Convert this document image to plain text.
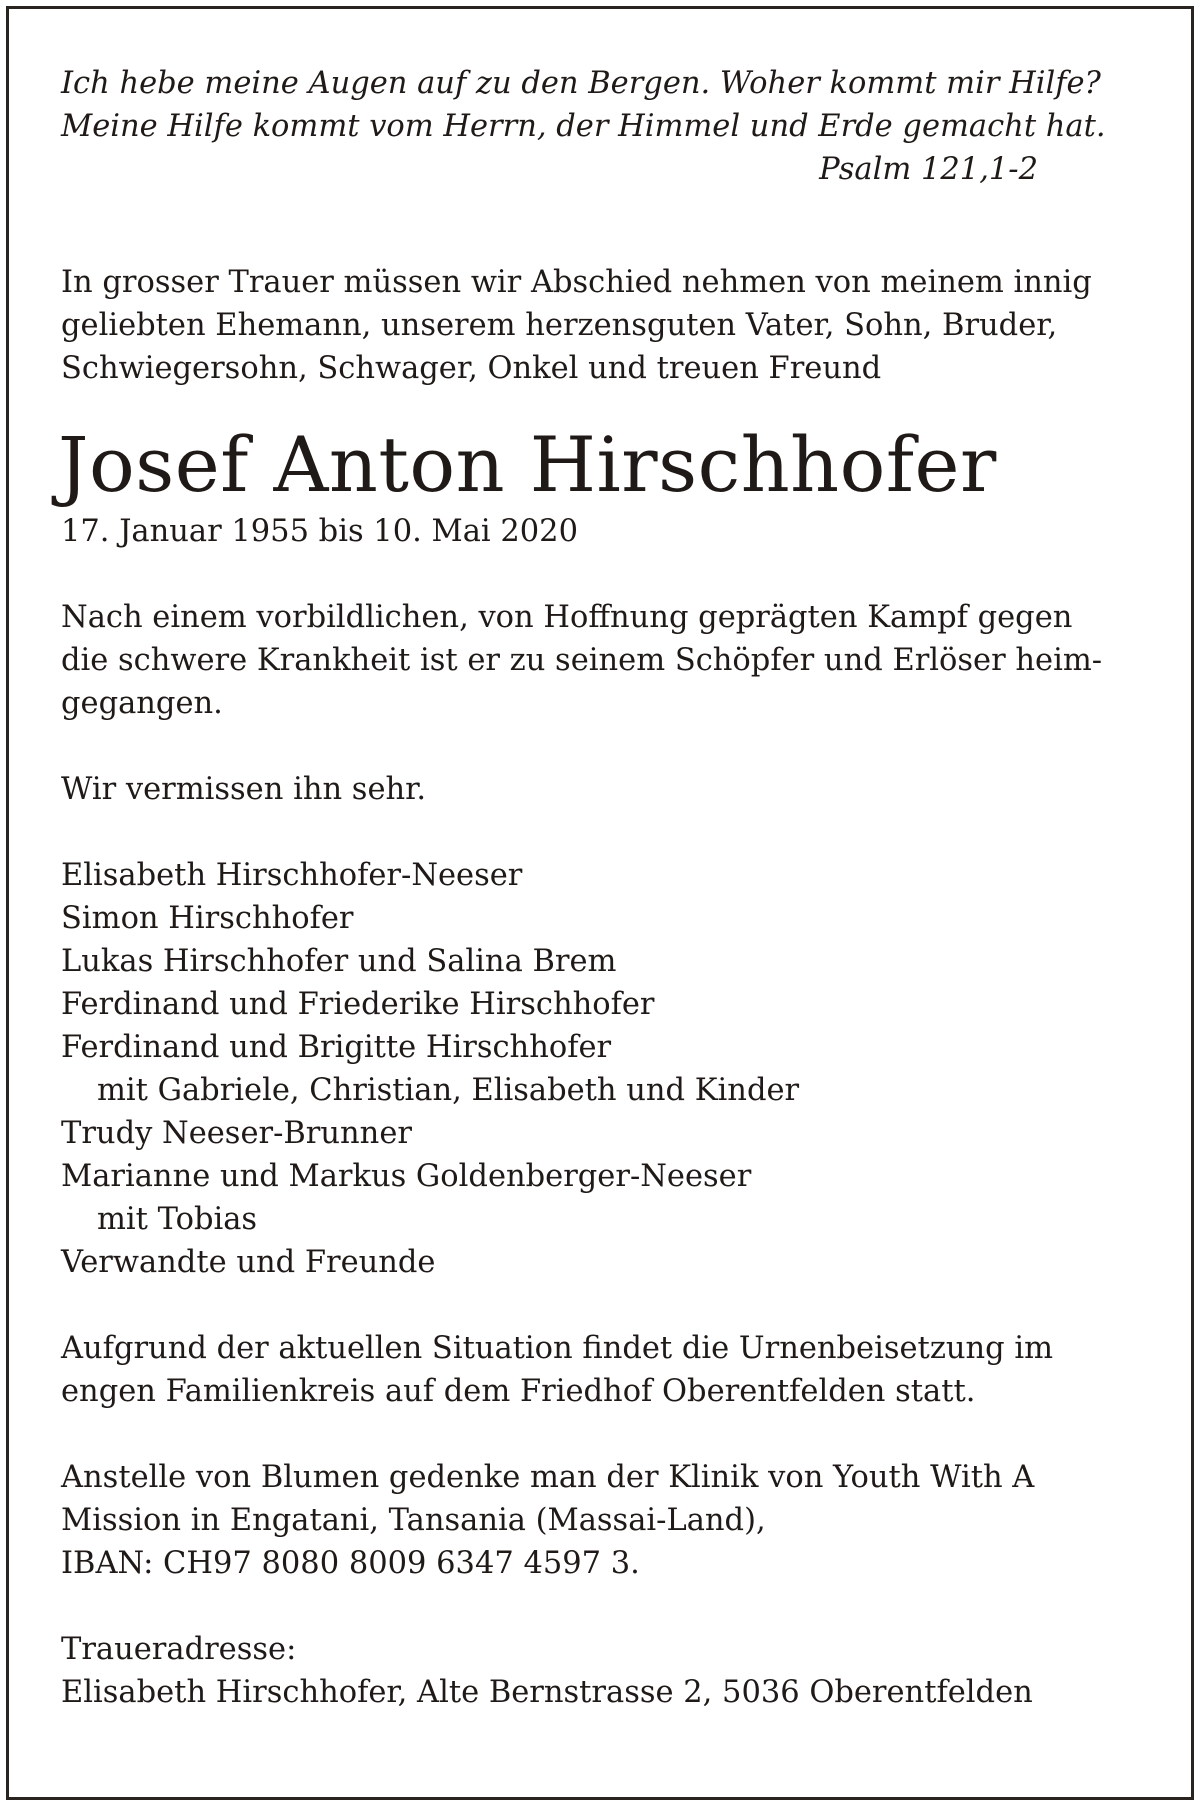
Ich hebe meine Augen auf zu den Bergen. Woher kommt mir Hilfe?

Meine Hilfe kommt vom Herrn, der Himmel und Erde gemacht hat.

Psalm 121,1-2

In grosser Trauer müssen wir Abschied nehmen von meinem innig

geliebten Ehemann, unserem herzensguten Vater, Sohn, Bruder,

Schwiegersohn, Schwager, Onkel und treuen Freund

Josef Anton Hirschhofer

17. Januar 1955 bis 10. Mai 2020

Nach einem vorbildlichen, von Hoffnung geprägten Kampf gegen

die schwere Krankheit ist er zu seinem Schöpfer und Erlöser heim-

gegangen.

Wir vermissen ihn sehr.

Elisabeth Hirschhofer-Neeser

Simon Hirschhofer

Lukas Hirschhofer und Salina Brem

Ferdinand und Friederike Hirschhofer

Ferdinand und Brigitte Hirschhofer

mit Gabriele, Christian, Elisabeth und Kinder

Trudy Neeser-Brunner

Marianne und Markus Goldenberger-Neeser

mit Tobias

Verwandte und Freunde

Aufgrund der aktuellen Situation findet die Urnenbeisetzung im

engen Familienkreis auf dem Friedhof Oberentfelden statt.

Anstelle von Blumen gedenke man der Klinik von Youth With A

Mission in Engatani, Tansania (Massai-Land),

IBAN: CH97 8080 8009 6347 4597 3.

Traueradresse:

Elisabeth Hirschhofer, Alte Bernstrasse 2, 5036 Oberentfelden
